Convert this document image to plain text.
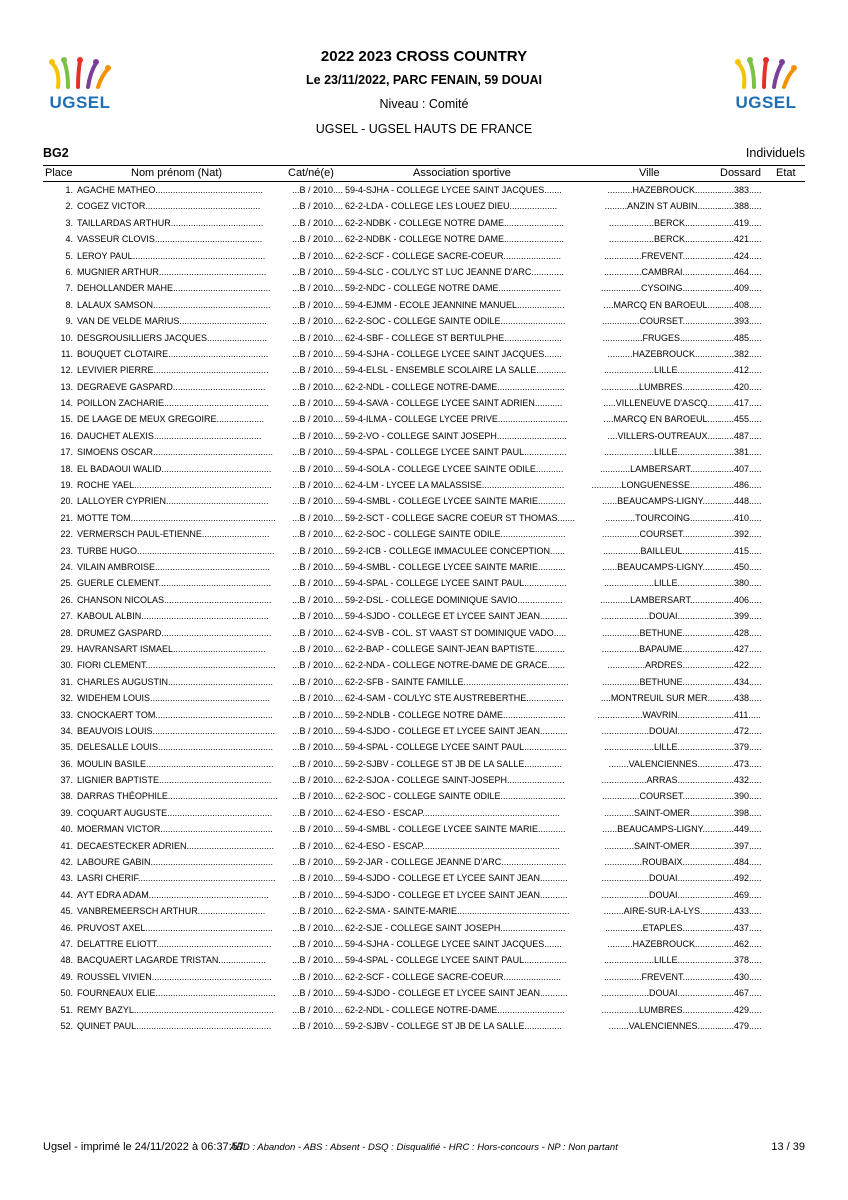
UGSEL	UGSEL
2022 2023 CROSS COUNTRY
Le 23/11/2022, PARC FENAIN, 59 DOUAI
Niveau : Comité
UGSEL - UGSEL HAUTS DE FRANCE
BG2	Individuels
Place	Nom prénom (Nat)	Cat/né(e)	Association sportive	Ville	Dossard Etat
1. AGACHE MATHEO...........................................	...B / 2010.... 59-4-SJHA - COLLEGE LYCEE SAINT JACQUES.......	..........HAZEBROUCK.......... ......383.....
2. COGEZ VICTOR..............................................	...B / 2010.... 62-2-LDA - COLLEGE LES LOUEZ DIEU...................	.........ANZIN ST AUBIN......... ......388.....
3. TAILLARDAS ARTHUR.....................................	...B / 2010.... 62-2-NDBK - COLLEGE NOTRE DAME........................	..................BERCK.............. ......419.....
4. VASSEUR CLOVIS...........................................	...B / 2010.... 62-2-NDBK - COLLEGE NOTRE DAME........................	..................BERCK.............. ......421.....
5. LEROY PAUL.....................................................	...B / 2010.... 62-2-SCF - COLLEGE SACRE-COEUR.......................	...............FREVENT............... ......424.....
6. MUGNIER ARTHUR...........................................	...B / 2010.... 59-4-SLC - COL/LYC ST LUC JEANNE D'ARC.............	...............CAMBRAI............... ......464.....
7. DEHOLLANDER MAHE.......................................	...B / 2010.... 59-2-NDC - COLLEGE NOTRE DAME.........................	................CYSOING............... ......409.....
8. LALAUX SAMSON...............................................	...B / 2010.... 59-4-EJMM - ECOLE JEANNINE MANUEL...................	....MARCQ EN BAROEUL..... ......408.....
9. VAN DE VELDE MARIUS...................................	...B / 2010.... 62-2-SOC - COLLEGE SAINTE ODILE..........................	...............COURSET............... ......393.....
10. DESGROUSILLIERS JACQUES........................	...B / 2010.... 62-4-SBF - COLLEGE ST BERTULPHE.......................	................FRUGES................ ......485.....
11. BOUQUET CLOTAIRE........................................	...B / 2010.... 59-4-SJHA - COLLEGE LYCEE SAINT JACQUES.......	..........HAZEBROUCK.......... ......382.....
12. LEVIVIER PIERRE..............................................	...B / 2010.... 59-4-ELSL - ENSEMBLE SCOLAIRE LA SALLE............	....................LILLE................. ......412.....
13. DEGRAEVE GASPARD.....................................	...B / 2010.... 62-2-NDL - COLLEGE NOTRE-DAME...........................	...............LUMBRES............... ......420.....
14. POILLON ZACHARIE..........................................	...B / 2010.... 59-4-SAVA - COLLEGE LYCEE SAINT ADRIEN...........	.....VILLENEUVE D'ASCQ..... ......417.....
15. DE LAAGE DE MEUX GREGOIRE...................	...B / 2010.... 59-4-ILMA - COLLEGE LYCEE PRIVE............................	....MARCQ EN BAROEUL..... ......455.....
16. DAUCHET ALEXIS...........................................	...B / 2010.... 59-2-VO - COLLEGE SAINT JOSEPH............................	....VILLERS-OUTREAUX..... ......487.....
17. SIMOENS OSCAR................................................	...B / 2010.... 59-4-SPAL - COLLEGE LYCEE SAINT PAUL.................	....................LILLE................. ......381.....
18. EL BADAOUI WALID............................................	...B / 2010.... 59-4-SOLA - COLLEGE LYCEE SAINTE ODILE...........	............LAMBERSART............ ......407.....
19. ROCHE YAEL.......................................................	...B / 2010.... 62-4-LM - LYCEE LA MALASSISE.................................	............LONGUENESSE............ ......486.....
20. LALLOYER CYPRIEN.........................................	...B / 2010.... 59-4-SMBL - COLLEGE LYCEE SAINTE MARIE...........	......BEAUCAMPS-LIGNY....... ......448.....
21. MOTTE TOM..........................................................	...B / 2010.... 59-2-SCT - COLLEGE SACRE COEUR ST THOMAS.......	............TOURCOING............ ......410.....
22. VERMERSCH PAUL-ETIENNE...........................	...B / 2010.... 62-2-SOC - COLLEGE SAINTE ODILE..........................	...............COURSET............... ......392.....
23. TURBE HUGO.......................................................	...B / 2010.... 59-2-ICB - COLLEGE IMMACULEE CONCEPTION......	...............BAILLEUL............... ......415.....
24. VILAIN AMBROISE..............................................	...B / 2010.... 59-4-SMBL - COLLEGE LYCEE SAINTE MARIE...........	......BEAUCAMPS-LIGNY....... ......450.....
25. GUERLE CLEMENT.............................................	...B / 2010.... 59-4-SPAL - COLLEGE LYCEE SAINT PAUL.................	....................LILLE................. ......380.....
26. CHANSON NICOLAS...........................................	...B / 2010.... 59-2-DSL - COLLEGE DOMINIQUE SAVIO..................	............LAMBERSART............ ......406.....
27. KABOUL ALBIN...................................................	...B / 2010.... 59-4-SJDO - COLLEGE ET LYCEE SAINT JEAN...........	...................DOUAI................. ......399.....
28. DRUMEZ GASPARD............................................	...B / 2010.... 62-4-SVB - COL. ST VAAST ST DOMINIQUE VADO.....	...............BETHUNE............... ......428.....
29. HAVRANSART ISMAEL.....................................	...B / 2010.... 62-2-BAP - COLLEGE SAINT-JEAN BAPTISTE............	...............BAPAUME............... ......427.....
30. FIORI CLEMENT....................................................	...B / 2010.... 62-2-NDA - COLLEGE NOTRE-DAME DE GRACE.......	...............ARDRES............... ......422.....
31. CHARLES AUGUSTIN..........................................	...B / 2010.... 62-2-SFB - SAINTE FAMILLE..........................................	...............BETHUNE............... ......434.....
32. WIDEHEM LOUIS................................................	...B / 2010.... 62-4-SAM - COL/LYC STE AUSTREBERTHE...............	....MONTREUIL SUR MER..... ......438.....
33. CNOCKAERT TOM...............................................	...B / 2010.... 59-2-NDLB - COLLEGE NOTRE DAME.........................	..................WAVRIN................. ......411.....
34. BEAUVOIS LOUIS.................................................	...B / 2010.... 59-4-SJDO - COLLEGE ET LYCEE SAINT JEAN...........	...................DOUAI................. ......472.....
35. DELESALLE LOUIS..............................................	...B / 2010.... 59-4-SPAL - COLLEGE LYCEE SAINT PAUL.................	....................LILLE................. ......379.....
36. MOULIN BASILE...................................................	...B / 2010.... 59-2-SJBV - COLLEGE ST JB DE LA SALLE...............	........VALENCIENNES......... ......473.....
37. LIGNIER BAPTISTE.............................................	...B / 2010.... 62-2-SJOA - COLLEGE SAINT-JOSEPH.......................	..................ARRAS................. ......432.....
38. DARRAS THÉOPHILE............................................	...B / 2010.... 62-2-SOC - COLLEGE SAINTE ODILE..........................	...............COURSET............... ......390.....
39. COQUART AUGUSTE..........................................	...B / 2010.... 62-4-ESO - ESCAP.......................................................	............SAINT-OMER............ ......398.....
40. MOERMAN VICTOR.............................................	...B / 2010.... 59-4-SMBL - COLLEGE LYCEE SAINTE MARIE...........	......BEAUCAMPS-LIGNY....... ......449.....
41. DECAESTECKER ADRIEN...................................	...B / 2010.... 62-4-ESO - ESCAP.......................................................	............SAINT-OMER............ ......397.....
42. LABOURE GABIN.................................................	...B / 2010.... 59-2-JAR - COLLEGE JEANNE D'ARC..........................	...............ROUBAIX............... ......484.....
43. LASRI CHERIF.......................................................	...B / 2010.... 59-4-SJDO - COLLEGE ET LYCEE SAINT JEAN...........	...................DOUAI................. ......492.....
44. AYT EDRA ADAM................................................	...B / 2010.... 59-4-SJDO - COLLEGE ET LYCEE SAINT JEAN...........	...................DOUAI................. ......469.....
45. VANBREMEERSCH ARTHUR...........................	...B / 2010.... 62-2-SMA - SAINTE-MARIE.............................................	........AIRE-SUR-LA-LYS........ ......433.....
46. PRUVOST AXEL...................................................	...B / 2010.... 62-2-SJE - COLLEGE SAINT JOSEPH..........................	...............ETAPLES............... ......437.....
47. DELATTRE ELIOTT..............................................	...B / 2010.... 59-4-SJHA - COLLEGE LYCEE SAINT JACQUES.......	..........HAZEBROUCK.......... ......462.....
48. BACQUAERT LAGARDE TRISTAN...................	...B / 2010.... 59-4-SPAL - COLLEGE LYCEE SAINT PAUL.................	....................LILLE................. ......378.....
49. ROUSSEL VIVIEN................................................	...B / 2010.... 62-2-SCF - COLLEGE SACRE-COEUR.......................	...............FREVENT............... ......430.....
50. FOURNEAUX ELIE................................................	...B / 2010.... 59-4-SJDO - COLLEGE ET LYCEE SAINT JEAN...........	...................DOUAI................. ......467.....
51. REMY BAZYL........................................................	...B / 2010.... 62-2-NDL - COLLEGE NOTRE-DAME...........................	...............LUMBRES............... ......429.....
52. QUINET PAUL......................................................	...B / 2010.... 59-2-SJBV - COLLEGE ST JB DE LA SALLE...............	........VALENCIENNES......... ......479.....
Ugsel - imprimé le 24/11/2022 à 06:37:57
ABD : Abandon - ABS : Absent - DSQ : Disqualifié - HRC : Hors-concours - NP : Non partant	13 / 39
